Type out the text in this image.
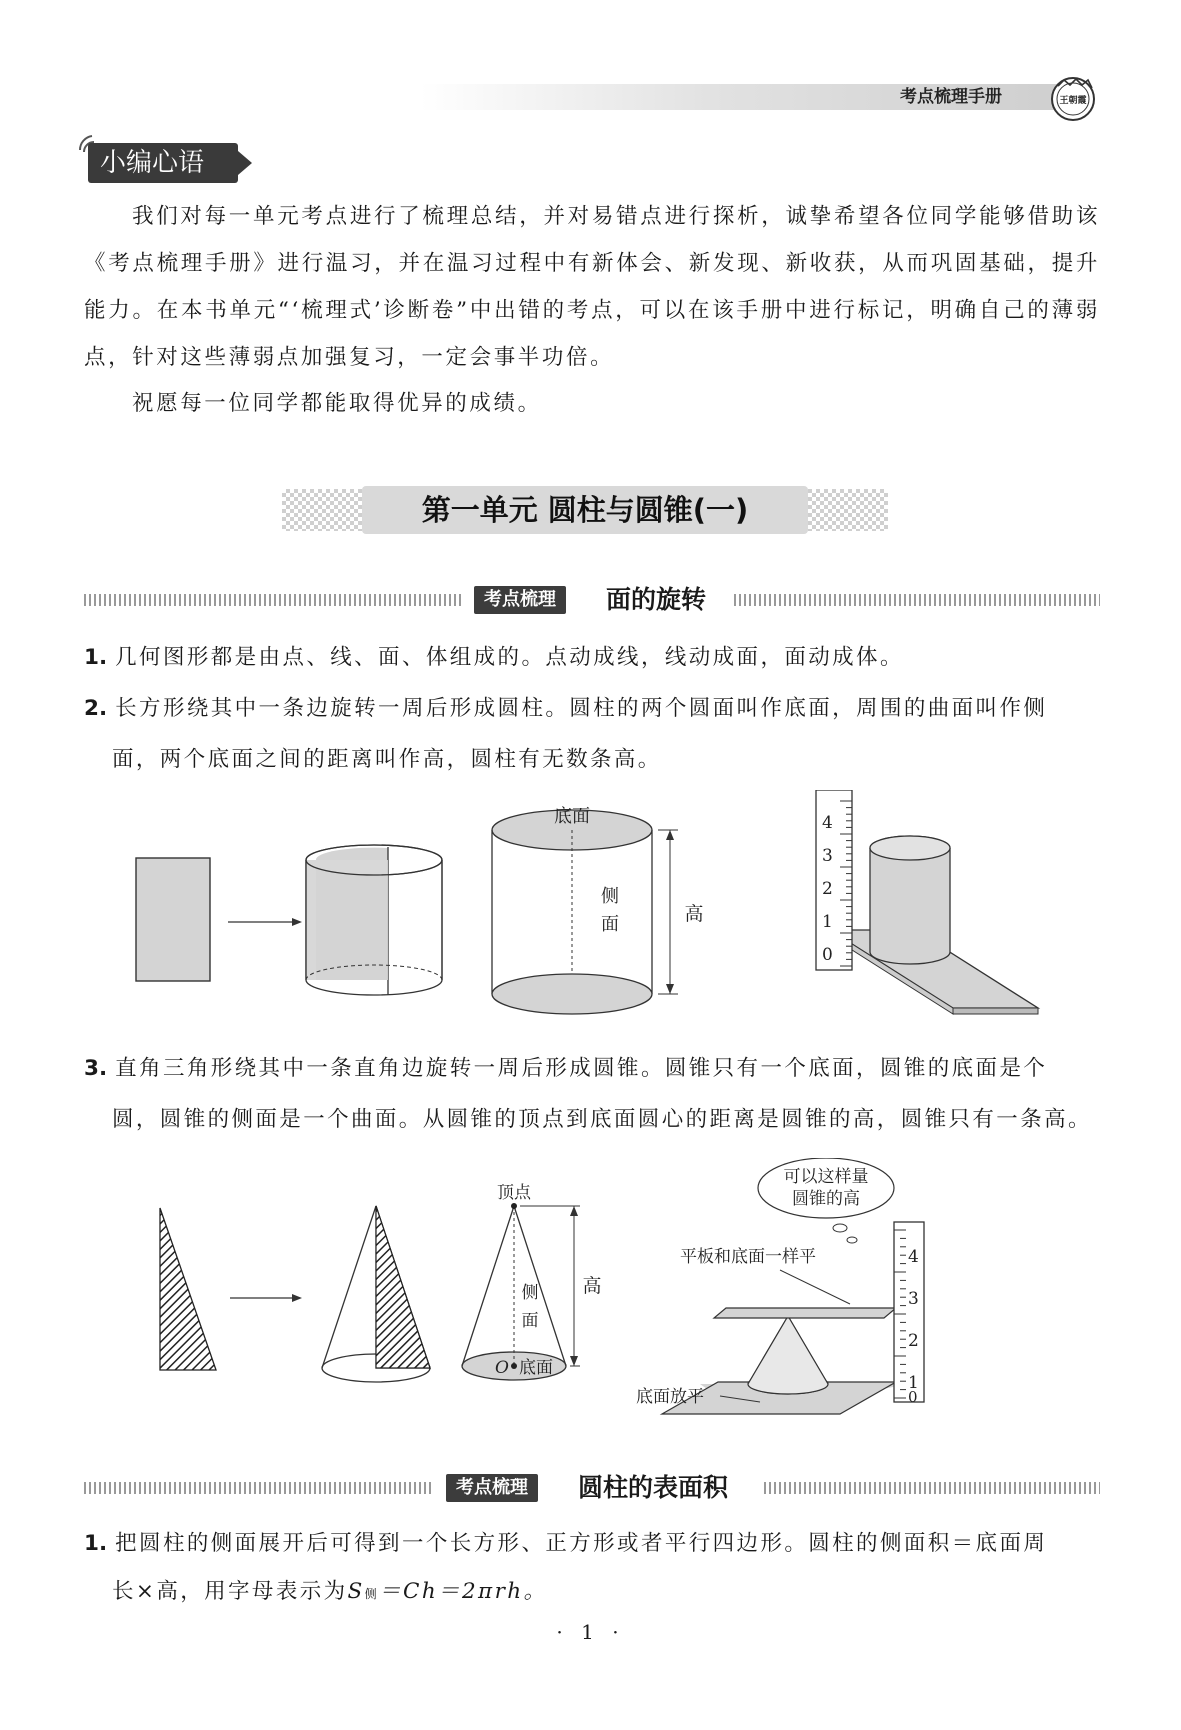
考点梳理手册	王朝霞
小编心语
我们对每一单元考点进行了梳理总结，并对易错点进行探析，诚挚希望各位同学能够借助该《考点梳理手册》进行温习，并在温习过程中有新体会、新发现、新收获，从而巩固基础，提升能力。在本书单元“‘梳理式’诊断卷”中出错的考点，可以在该手册中进行标记，明确自己的薄弱点，针对这些薄弱点加强复习，一定会事半功倍。
祝愿每一位同学都能取得优异的成绩。
第一单元 圆柱与圆锥(一)
考点梳理	面的旋转
1. 几何图形都是由点、线、面、体组成的。点动成线，线动成面，面动成体。
2. 长方形绕其中一条边旋转一周后形成圆柱。圆柱的两个圆面叫作底面，周围的曲面叫作侧
面，两个底面之间的距离叫作高，圆柱有无数条高。
底面
侧
面	高
4
3
2
1
0
3. 直角三角形绕其中一条直角边旋转一周后形成圆锥。圆锥只有一个底面，圆锥的底面是个
圆，圆锥的侧面是一个曲面。从圆锥的顶点到底面圆心的距离是圆锥的高，圆锥只有一条高。
顶点
侧
面
O 底面
高
可以这样量
圆锥的高
平板和底面一样平
底面放平
4
3
2
1
0
考点梳理	圆柱的表面积
1. 把圆柱的侧面展开后可得到一个长方形、正方形或者平行四边形。圆柱的侧面积＝底面周
长×高，用字母表示为S侧＝Ch＝2πrh。
· 1 ·
